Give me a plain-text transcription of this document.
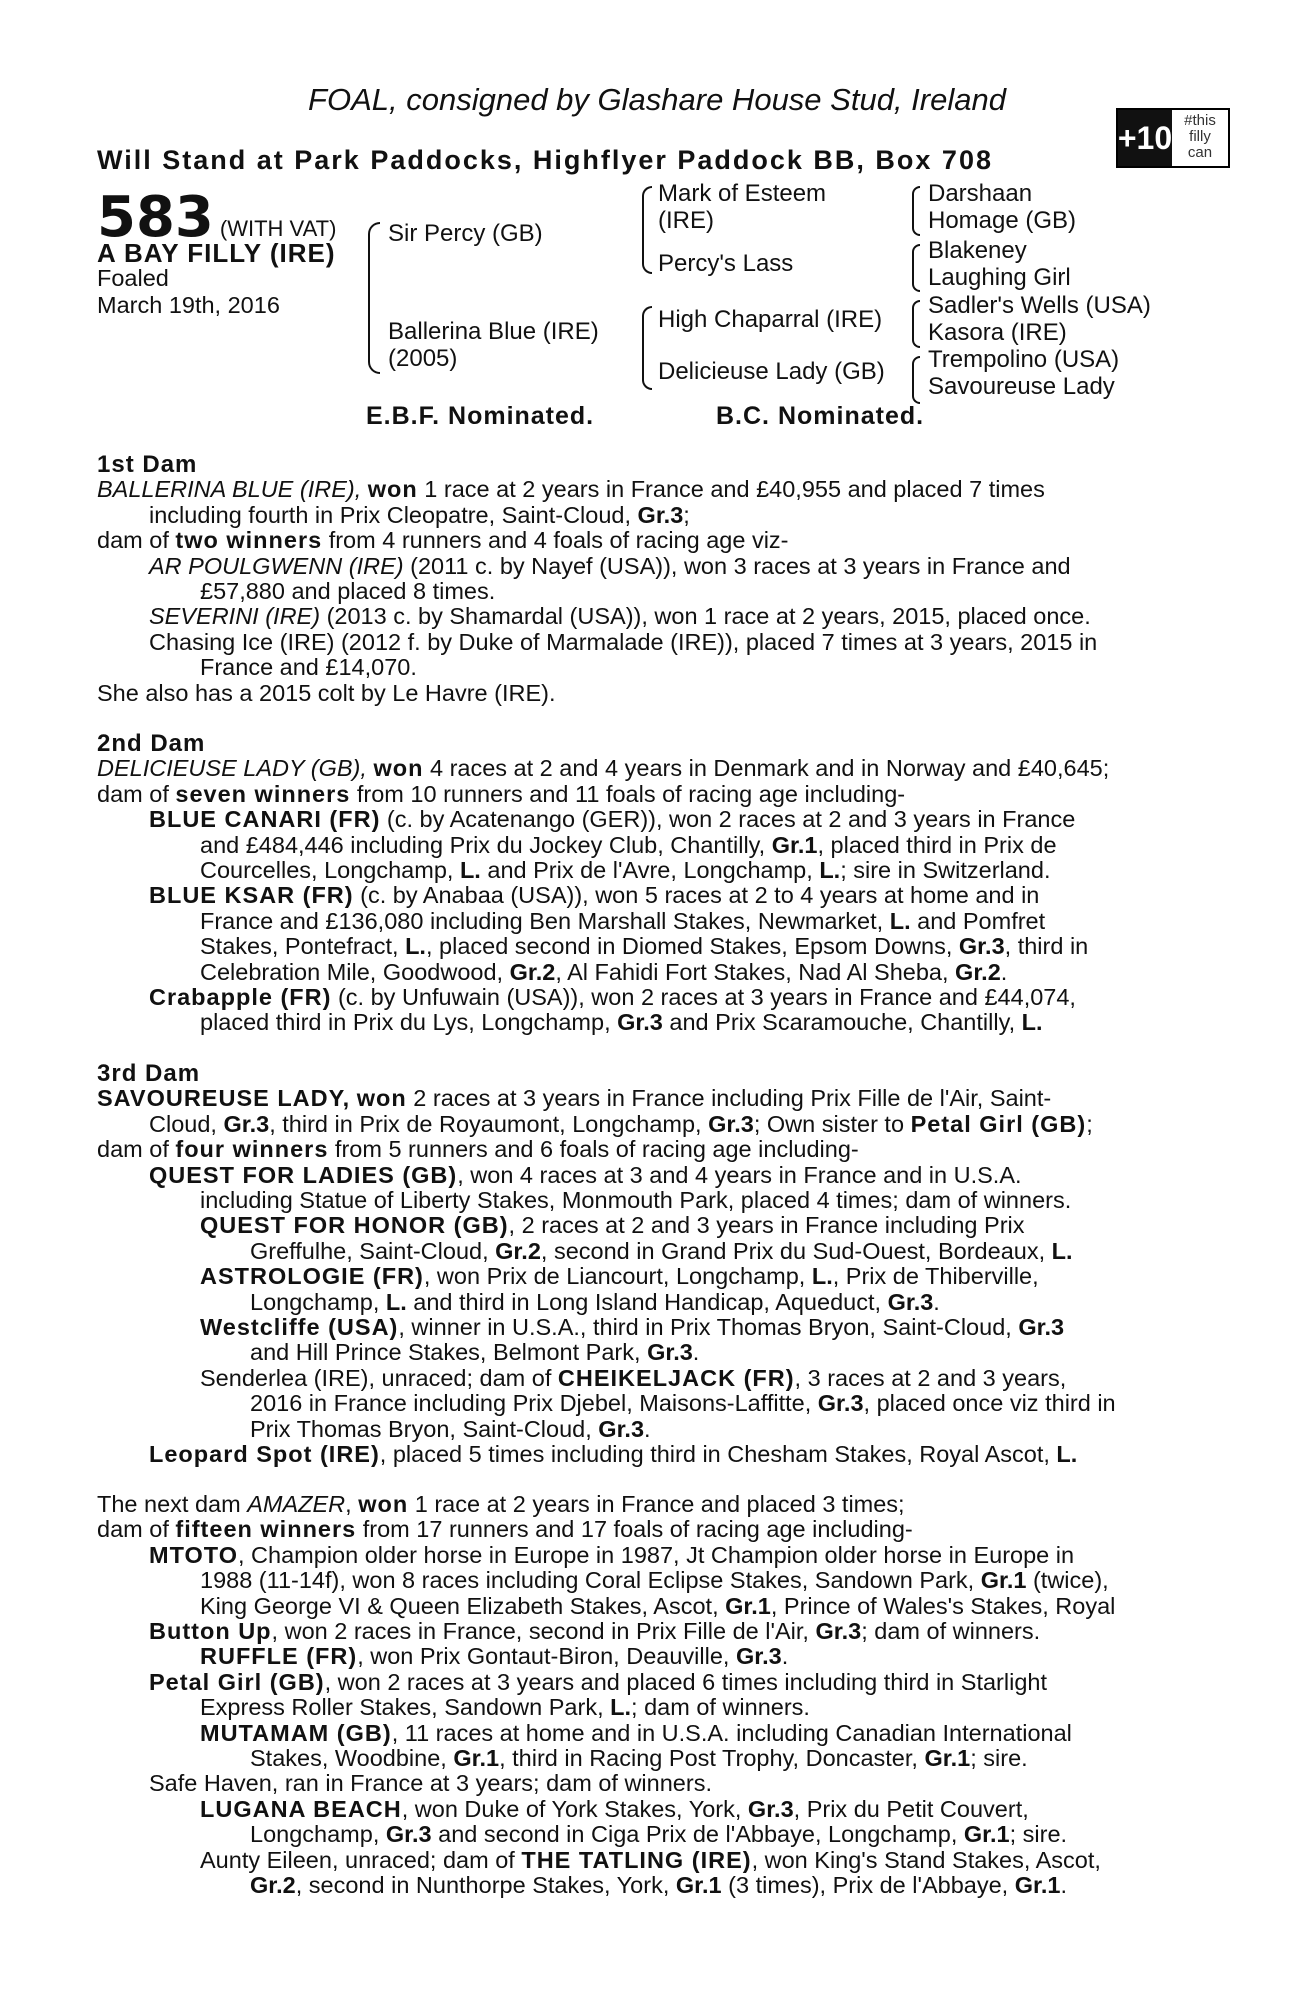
FOAL, consigned by Glashare House Stud, Ireland
Will Stand at Park Paddocks, Highflyer Paddock BB, Box 708
+10 #this
filly
can
583 (WITH VAT)
A BAY FILLY (IRE)
Foaled
March 19th, 2016
Sir Percy (GB)
Ballerina Blue (IRE)
(2005)
Mark of Esteem
(IRE)
Percy's Lass
High Chaparral (IRE)
Delicieuse Lady (GB)
Darshaan
Homage (GB)
Blakeney
Laughing Girl
Sadler's Wells (USA)
Kasora (IRE)
Trempolino (USA)
Savoureuse Lady
E.B.F. Nominated.	B.C. Nominated.

1st Dam

BALLERINA BLUE (IRE), won 1 race at 2 years in France and £40,955 and placed 7 times

including fourth in Prix Cleopatre, Saint-Cloud, Gr.3;

dam of two winners from 4 runners and 4 foals of racing age viz-

AR POULGWENN (IRE) (2011 c. by Nayef (USA)), won 3 races at 3 years in France and

£57,880 and placed 8 times.

SEVERINI (IRE) (2013 c. by Shamardal (USA)), won 1 race at 2 years, 2015, placed once.

Chasing Ice (IRE) (2012 f. by Duke of Marmalade (IRE)), placed 7 times at 3 years, 2015 in

France and £14,070.

She also has a 2015 colt by Le Havre (IRE).

2nd Dam

DELICIEUSE LADY (GB), won 4 races at 2 and 4 years in Denmark and in Norway and £40,645;

dam of seven winners from 10 runners and 11 foals of racing age including-

BLUE CANARI (FR) (c. by Acatenango (GER)), won 2 races at 2 and 3 years in France

and £484,446 including Prix du Jockey Club, Chantilly, Gr.1, placed third in Prix de

Courcelles, Longchamp, L. and Prix de l'Avre, Longchamp, L.; sire in Switzerland.

BLUE KSAR (FR) (c. by Anabaa (USA)), won 5 races at 2 to 4 years at home and in

France and £136,080 including Ben Marshall Stakes, Newmarket, L. and Pomfret

Stakes, Pontefract, L., placed second in Diomed Stakes, Epsom Downs, Gr.3, third in

Celebration Mile, Goodwood, Gr.2, Al Fahidi Fort Stakes, Nad Al Sheba, Gr.2.

Crabapple (FR) (c. by Unfuwain (USA)), won 2 races at 3 years in France and £44,074,

placed third in Prix du Lys, Longchamp, Gr.3 and Prix Scaramouche, Chantilly, L.

3rd Dam

SAVOUREUSE LADY, won 2 races at 3 years in France including Prix Fille de l'Air, Saint-

Cloud, Gr.3, third in Prix de Royaumont, Longchamp, Gr.3; Own sister to Petal Girl (GB);

dam of four winners from 5 runners and 6 foals of racing age including-

QUEST FOR LADIES (GB), won 4 races at 3 and 4 years in France and in U.S.A.

including Statue of Liberty Stakes, Monmouth Park, placed 4 times; dam of winners.

QUEST FOR HONOR (GB), 2 races at 2 and 3 years in France including Prix

Greffulhe, Saint-Cloud, Gr.2, second in Grand Prix du Sud-Ouest, Bordeaux, L.

ASTROLOGIE (FR), won Prix de Liancourt, Longchamp, L., Prix de Thiberville,

Longchamp, L. and third in Long Island Handicap, Aqueduct, Gr.3.

Westcliffe (USA), winner in U.S.A., third in Prix Thomas Bryon, Saint-Cloud, Gr.3

and Hill Prince Stakes, Belmont Park, Gr.3.

Senderlea (IRE), unraced; dam of CHEIKELJACK (FR), 3 races at 2 and 3 years,

2016 in France including Prix Djebel, Maisons-Laffitte, Gr.3, placed once viz third in

Prix Thomas Bryon, Saint-Cloud, Gr.3.

Leopard Spot (IRE), placed 5 times including third in Chesham Stakes, Royal Ascot, L.

The next dam AMAZER, won 1 race at 2 years in France and placed 3 times;

dam of fifteen winners from 17 runners and 17 foals of racing age including-

MTOTO, Champion older horse in Europe in 1987, Jt Champion older horse in Europe in

1988 (11-14f), won 8 races including Coral Eclipse Stakes, Sandown Park, Gr.1 (twice),

King George VI & Queen Elizabeth Stakes, Ascot, Gr.1, Prince of Wales's Stakes, Royal

Button Up, won 2 races in France, second in Prix Fille de l'Air, Gr.3; dam of winners.

RUFFLE (FR), won Prix Gontaut-Biron, Deauville, Gr.3.

Petal Girl (GB), won 2 races at 3 years and placed 6 times including third in Starlight

Express Roller Stakes, Sandown Park, L.; dam of winners.

MUTAMAM (GB), 11 races at home and in U.S.A. including Canadian International

Stakes, Woodbine, Gr.1, third in Racing Post Trophy, Doncaster, Gr.1; sire.

Safe Haven, ran in France at 3 years; dam of winners.

LUGANA BEACH, won Duke of York Stakes, York, Gr.3, Prix du Petit Couvert,

Longchamp, Gr.3 and second in Ciga Prix de l'Abbaye, Longchamp, Gr.1; sire.

Aunty Eileen, unraced; dam of THE TATLING (IRE), won King's Stand Stakes, Ascot,

Gr.2, second in Nunthorpe Stakes, York, Gr.1 (3 times), Prix de l'Abbaye, Gr.1.
